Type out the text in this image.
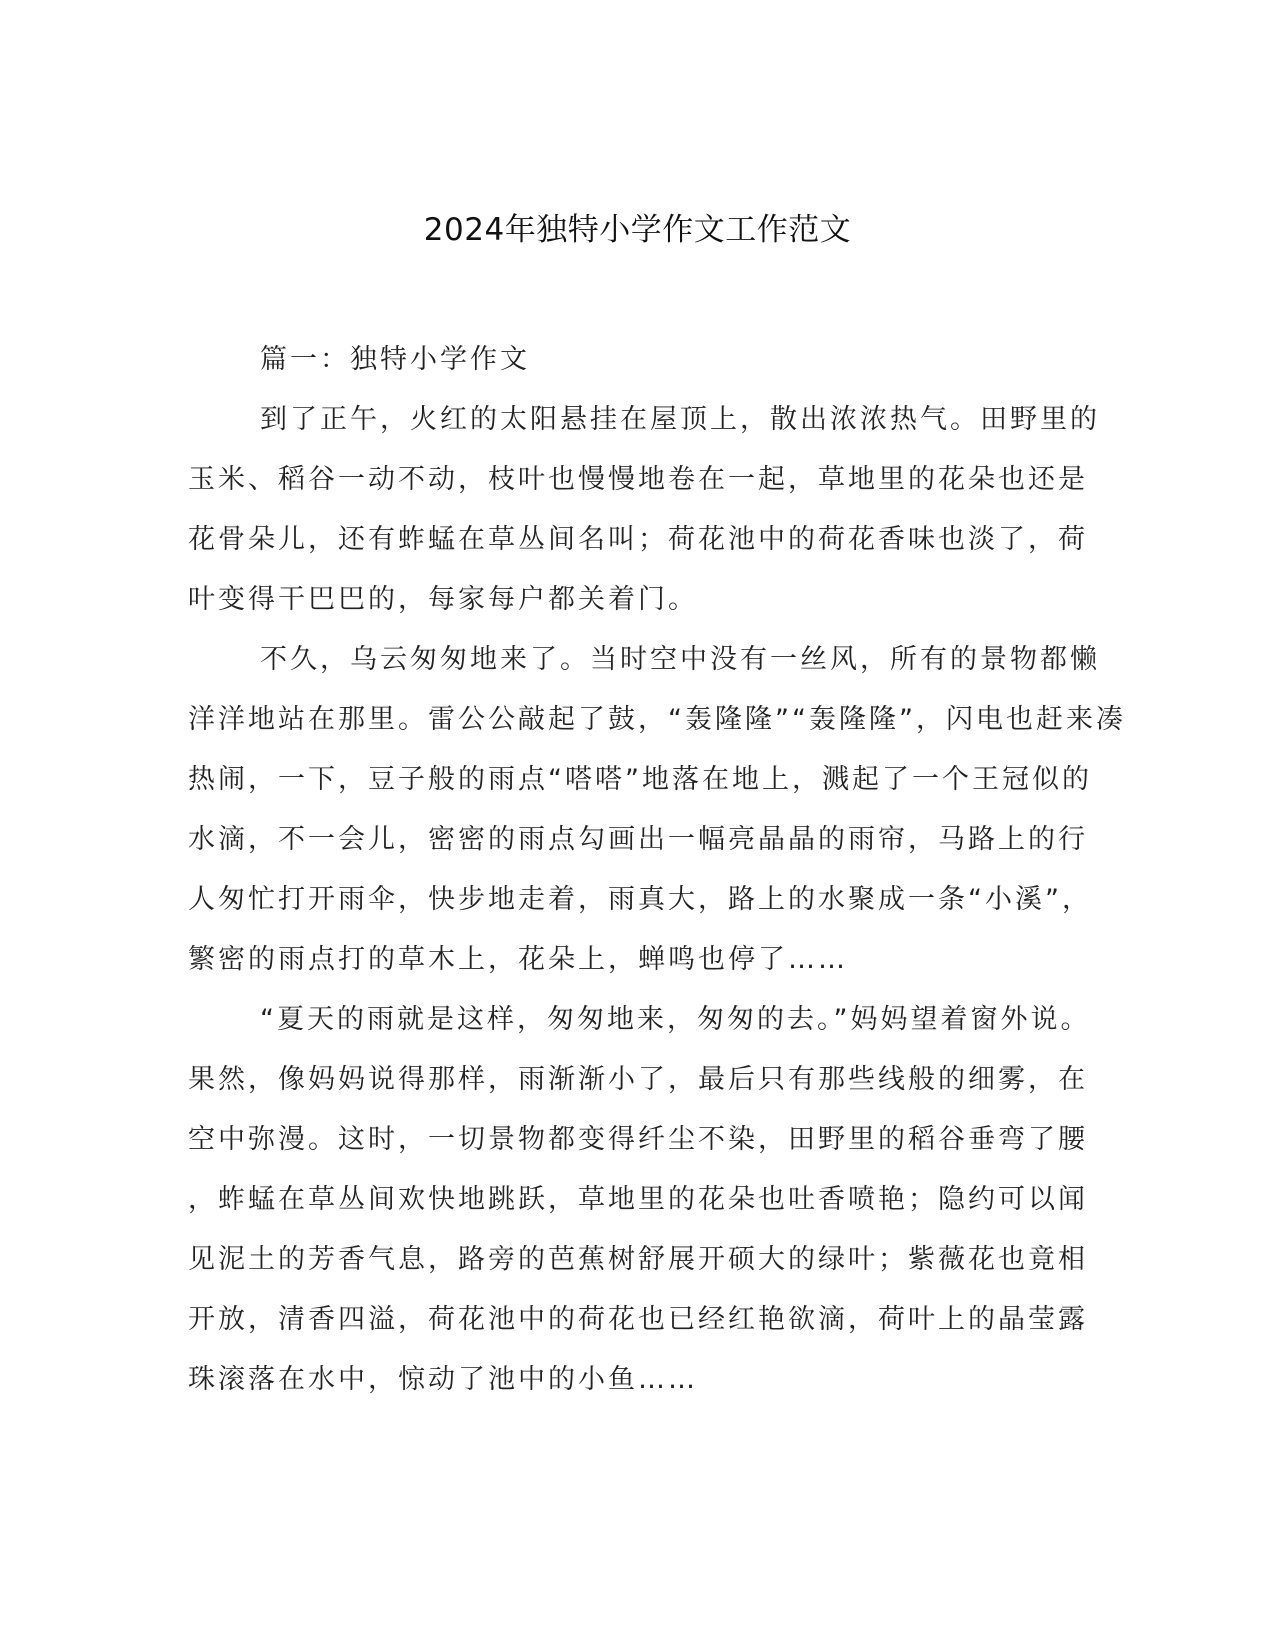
2024年独特小学作文工作范文
篇一：独特小学作文
到了正午，火红的太阳悬挂在屋顶上，散出浓浓热气。田野里的
玉米、稻谷一动不动，枝叶也慢慢地卷在一起，草地里的花朵也还是
花骨朵儿，还有蚱蜢在草丛间名叫；荷花池中的荷花香味也淡了，荷
叶变得干巴巴的，每家每户都关着门。
不久，乌云匆匆地来了。当时空中没有一丝风，所有的景物都懒
洋洋地站在那里。雷公公敲起了鼓，“轰隆隆”“轰隆隆”，闪电也赶来凑
热闹，一下，豆子般的雨点“嗒嗒”地落在地上，溅起了一个王冠似的
水滴，不一会儿，密密的雨点勾画出一幅亮晶晶的雨帘，马路上的行
人匆忙打开雨伞，快步地走着，雨真大，路上的水聚成一条“小溪”，
繁密的雨点打的草木上，花朵上，蝉鸣也停了……
“夏天的雨就是这样，匆匆地来，匆匆的去。”妈妈望着窗外说。
果然，像妈妈说得那样，雨渐渐小了，最后只有那些线般的细雾，在
空中弥漫。这时，一切景物都变得纤尘不染，田野里的稻谷垂弯了腰
，蚱蜢在草丛间欢快地跳跃，草地里的花朵也吐香喷艳；隐约可以闻
见泥土的芳香气息，路旁的芭蕉树舒展开硕大的绿叶；紫薇花也竟相
开放，清香四溢，荷花池中的荷花也已经红艳欲滴，荷叶上的晶莹露
珠滚落在水中，惊动了池中的小鱼……
